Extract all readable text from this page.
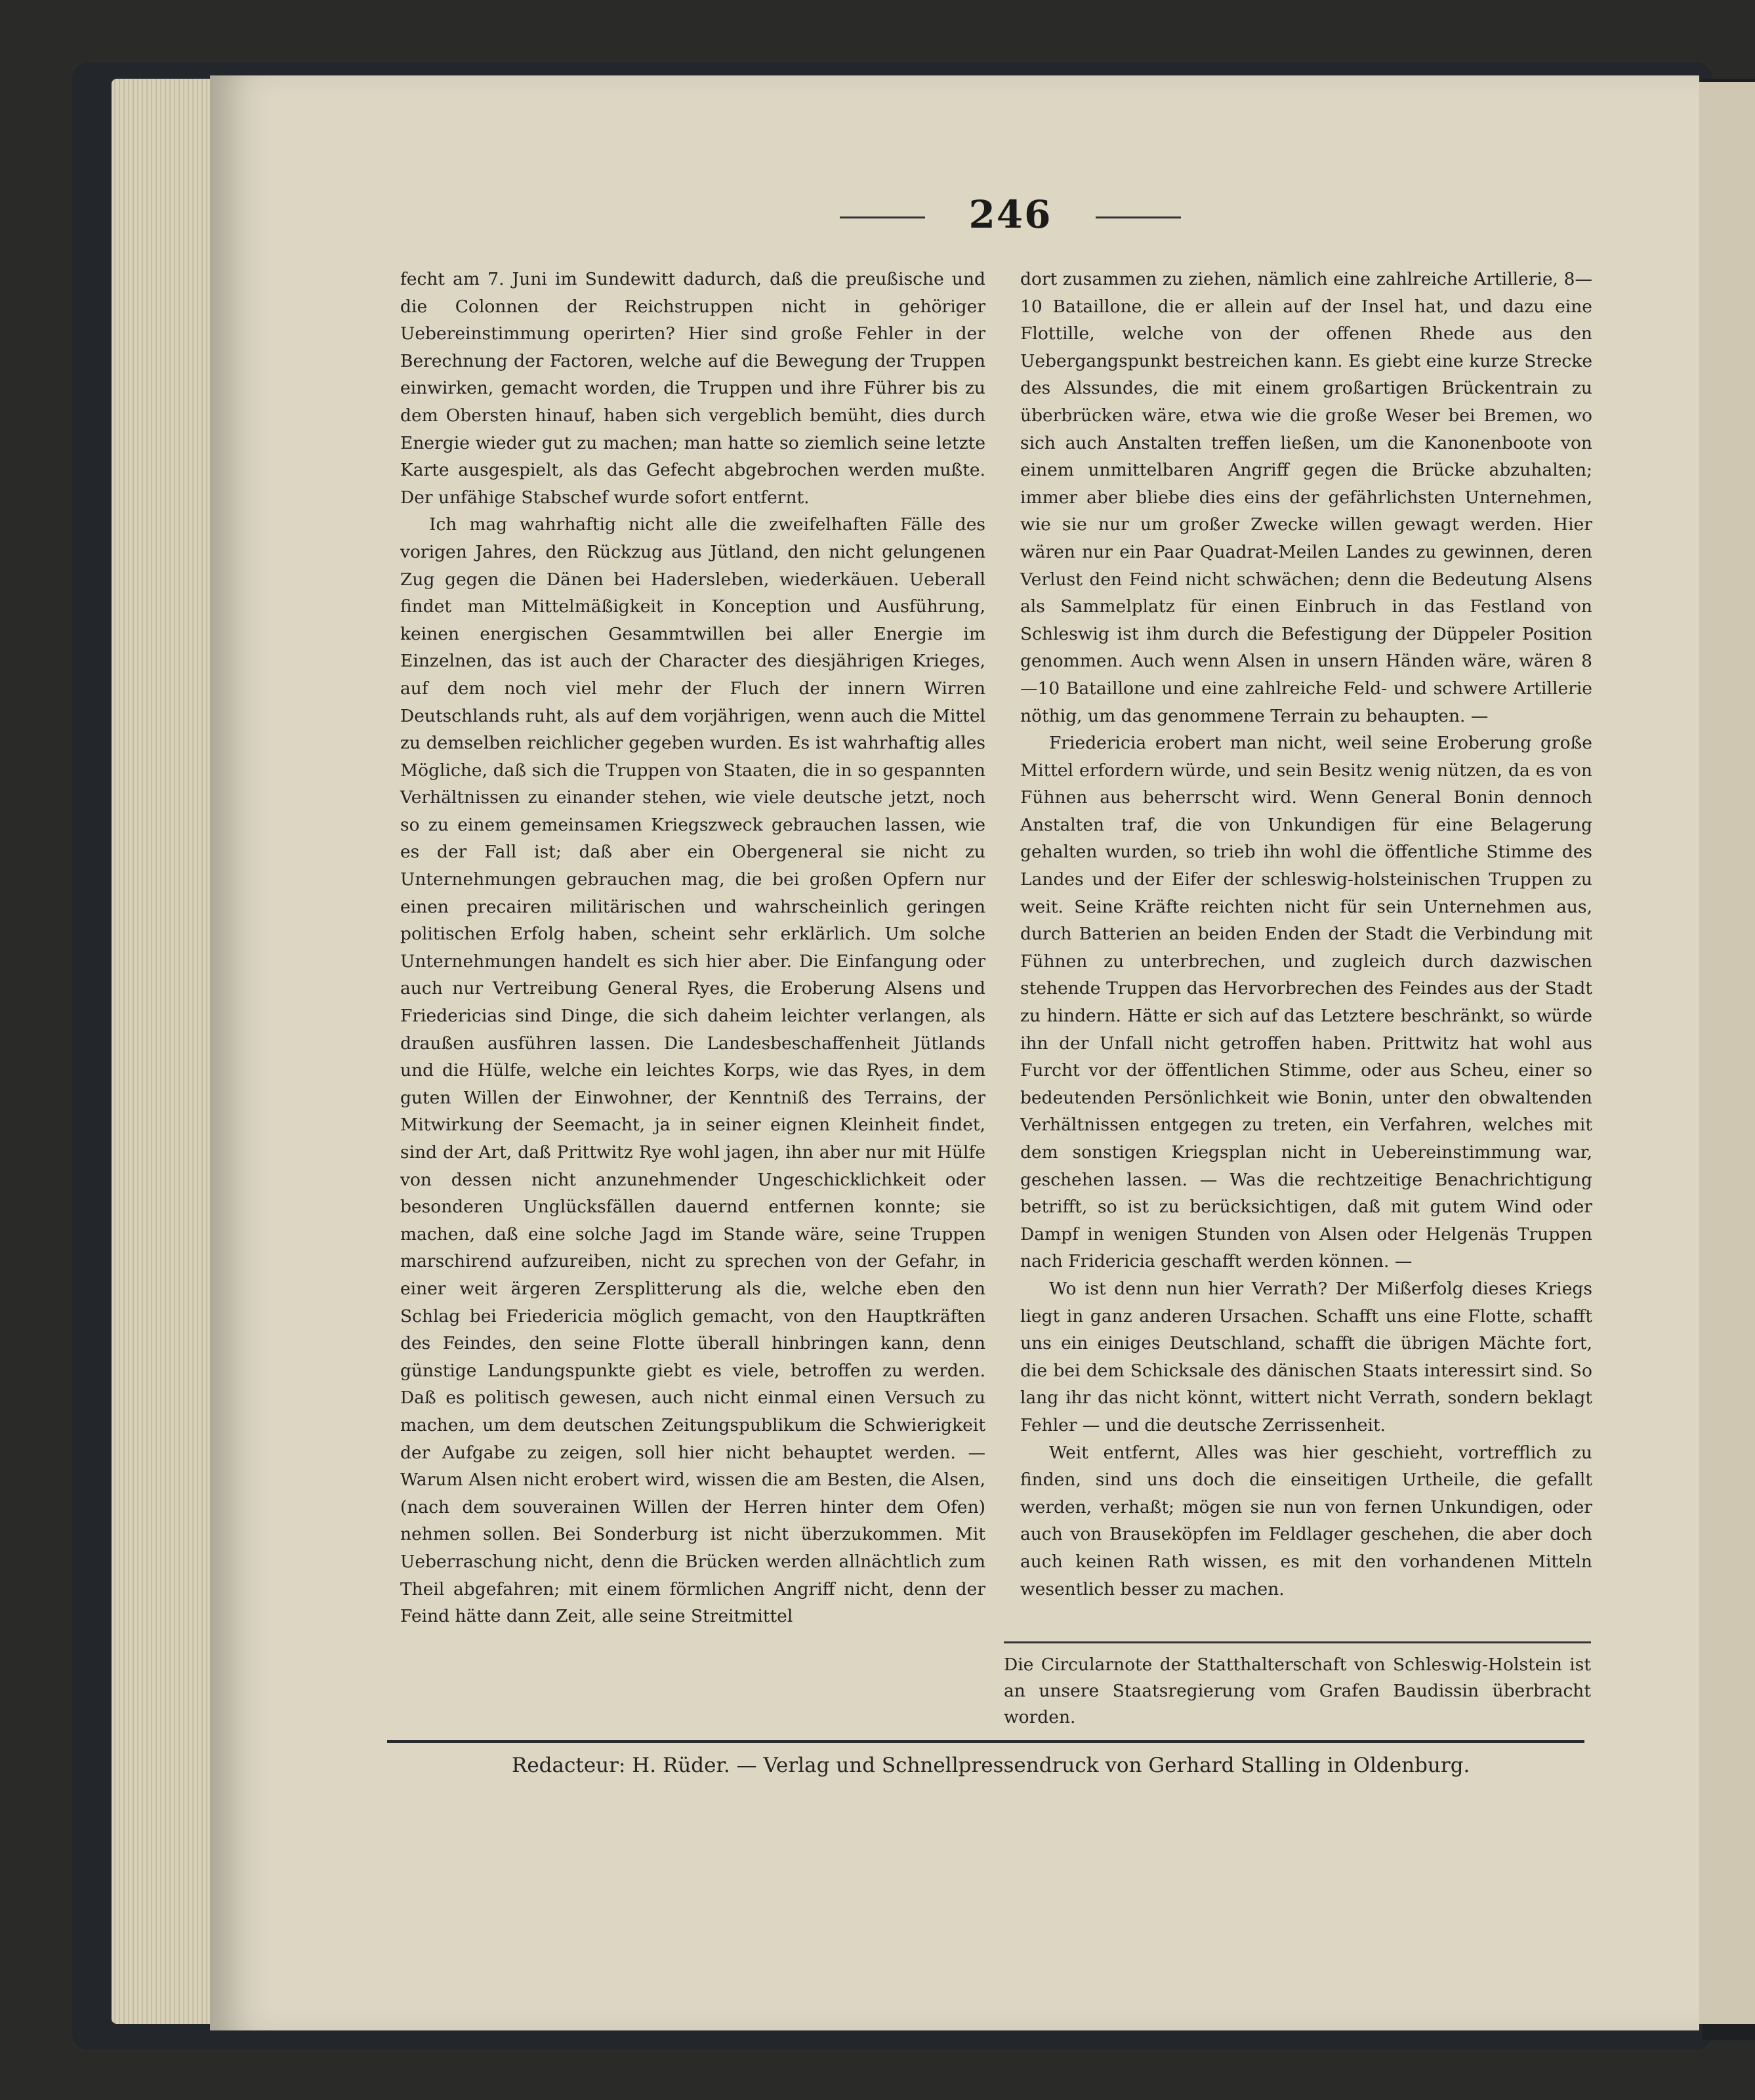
246

fecht am 7. Juni im Sundewitt dadurch, daß die preußische und die Colonnen der Reichstruppen nicht in gehöriger Uebereinstimmung operirten? Hier sind große Fehler in der Berechnung der Factoren, welche auf die Bewegung der Truppen einwirken, gemacht worden, die Truppen und ihre Führer bis zu dem Obersten hinauf, haben sich vergeblich bemüht, dies durch Energie wieder gut zu machen; man hatte so ziemlich seine letzte Karte ausgespielt, als das Gefecht abgebrochen werden mußte. Der unfähige Stabschef wurde sofort entfernt.

Ich mag wahrhaftig nicht alle die zweifelhaften Fälle des vorigen Jahres, den Rückzug aus Jütland, den nicht gelungenen Zug gegen die Dänen bei Hadersleben, wiederkäuen. Ueberall findet man Mittelmäßigkeit in Konception und Ausführung, keinen energischen Gesammtwillen bei aller Energie im Einzelnen, das ist auch der Character des diesjährigen Krieges, auf dem noch viel mehr der Fluch der innern Wirren Deutschlands ruht, als auf dem vorjährigen, wenn auch die Mittel zu demselben reichlicher gegeben wurden. Es ist wahrhaftig alles Mögliche, daß sich die Truppen von Staaten, die in so gespannten Verhältnissen zu einander stehen, wie viele deutsche jetzt, noch so zu einem gemeinsamen Kriegszweck gebrauchen lassen, wie es der Fall ist; daß aber ein Obergeneral sie nicht zu Unternehmungen gebrauchen mag, die bei großen Opfern nur einen precairen militärischen und wahrscheinlich geringen politischen Erfolg haben, scheint sehr erklärlich. Um solche Unternehmungen handelt es sich hier aber. Die Einfangung oder auch nur Vertreibung General Ryes, die Eroberung Alsens und Friedericias sind Dinge, die sich daheim leichter verlangen, als draußen ausführen lassen. Die Landesbeschaffenheit Jütlands und die Hülfe, welche ein leichtes Korps, wie das Ryes, in dem guten Willen der Einwohner, der Kenntniß des Terrains, der Mitwirkung der Seemacht, ja in seiner eignen Kleinheit findet, sind der Art, daß Prittwitz Rye wohl jagen, ihn aber nur mit Hülfe von dessen nicht anzunehmender Ungeschicklichkeit oder besonderen Unglücksfällen dauernd entfernen konnte; sie machen, daß eine solche Jagd im Stande wäre, seine Truppen marschirend aufzureiben, nicht zu sprechen von der Gefahr, in einer weit ärgeren Zersplitterung als die, welche eben den Schlag bei Friedericia möglich gemacht, von den Hauptkräften des Feindes, den seine Flotte überall hinbringen kann, denn günstige Landungspunkte giebt es viele, betroffen zu werden. Daß es politisch gewesen, auch nicht einmal einen Versuch zu machen, um dem deutschen Zeitungspublikum die Schwierigkeit der Aufgabe zu zeigen, soll hier nicht behauptet werden. — Warum Alsen nicht erobert wird, wissen die am Besten, die Alsen, (nach dem souverainen Willen der Herren hinter dem Ofen) nehmen sollen. Bei Sonderburg ist nicht überzukommen. Mit Ueberraschung nicht, denn die Brücken werden allnächtlich zum Theil abgefahren; mit einem förmlichen Angriff nicht, denn der Feind hätte dann Zeit, alle seine Streitmittel

dort zusammen zu ziehen, nämlich eine zahlreiche Artillerie, 8—10 Bataillone, die er allein auf der Insel hat, und dazu eine Flottille, welche von der offenen Rhede aus den Uebergangspunkt bestreichen kann. Es giebt eine kurze Strecke des Alssundes, die mit einem großartigen Brückentrain zu überbrücken wäre, etwa wie die große Weser bei Bremen, wo sich auch Anstalten treffen ließen, um die Kanonenboote von einem unmittelbaren Angriff gegen die Brücke abzuhalten; immer aber bliebe dies eins der gefährlichsten Unternehmen, wie sie nur um großer Zwecke willen gewagt werden. Hier wären nur ein Paar Quadrat-Meilen Landes zu gewinnen, deren Verlust den Feind nicht schwächen; denn die Bedeutung Alsens als Sammelplatz für einen Einbruch in das Festland von Schleswig ist ihm durch die Befestigung der Düppeler Position genommen. Auch wenn Alsen in unsern Händen wäre, wären 8—10 Bataillone und eine zahlreiche Feld- und schwere Artillerie nöthig, um das genommene Terrain zu behaupten. —

Friedericia erobert man nicht, weil seine Eroberung große Mittel erfordern würde, und sein Besitz wenig nützen, da es von Fühnen aus beherrscht wird. Wenn General Bonin dennoch Anstalten traf, die von Unkundigen für eine Belagerung gehalten wurden, so trieb ihn wohl die öffentliche Stimme des Landes und der Eifer der schleswig-holsteinischen Truppen zu weit. Seine Kräfte reichten nicht für sein Unternehmen aus, durch Batterien an beiden Enden der Stadt die Verbindung mit Fühnen zu unterbrechen, und zugleich durch dazwischen stehende Truppen das Hervorbrechen des Feindes aus der Stadt zu hindern. Hätte er sich auf das Letztere beschränkt, so würde ihn der Unfall nicht getroffen haben. Prittwitz hat wohl aus Furcht vor der öffentlichen Stimme, oder aus Scheu, einer so bedeutenden Persönlichkeit wie Bonin, unter den obwaltenden Verhältnissen entgegen zu treten, ein Verfahren, welches mit dem sonstigen Kriegsplan nicht in Uebereinstimmung war, geschehen lassen. — Was die rechtzeitige Benachrichtigung betrifft, so ist zu berücksichtigen, daß mit gutem Wind oder Dampf in wenigen Stunden von Alsen oder Helgenäs Truppen nach Fridericia geschafft werden können. —

Wo ist denn nun hier Verrath? Der Mißerfolg dieses Kriegs liegt in ganz anderen Ursachen. Schafft uns eine Flotte, schafft uns ein einiges Deutschland, schafft die übrigen Mächte fort, die bei dem Schicksale des dänischen Staats interessirt sind. So lang ihr das nicht könnt, wittert nicht Verrath, sondern beklagt Fehler — und die deutsche Zerrissenheit.

Weit entfernt, Alles was hier geschieht, vortrefflich zu finden, sind uns doch die einseitigen Urtheile, die gefallt werden, verhaßt; mögen sie nun von fernen Unkundigen, oder auch von Brauseköpfen im Feldlager geschehen, die aber doch auch keinen Rath wissen, es mit den vorhandenen Mitteln wesentlich besser zu machen.

Die Circularnote der Statthalterschaft von Schleswig-Holstein ist an unsere Staatsregierung vom Grafen Baudissin überbracht worden.
Redacteur: H. Rüder. — Verlag und Schnellpressendruck von Gerhard Stalling in Oldenburg.
